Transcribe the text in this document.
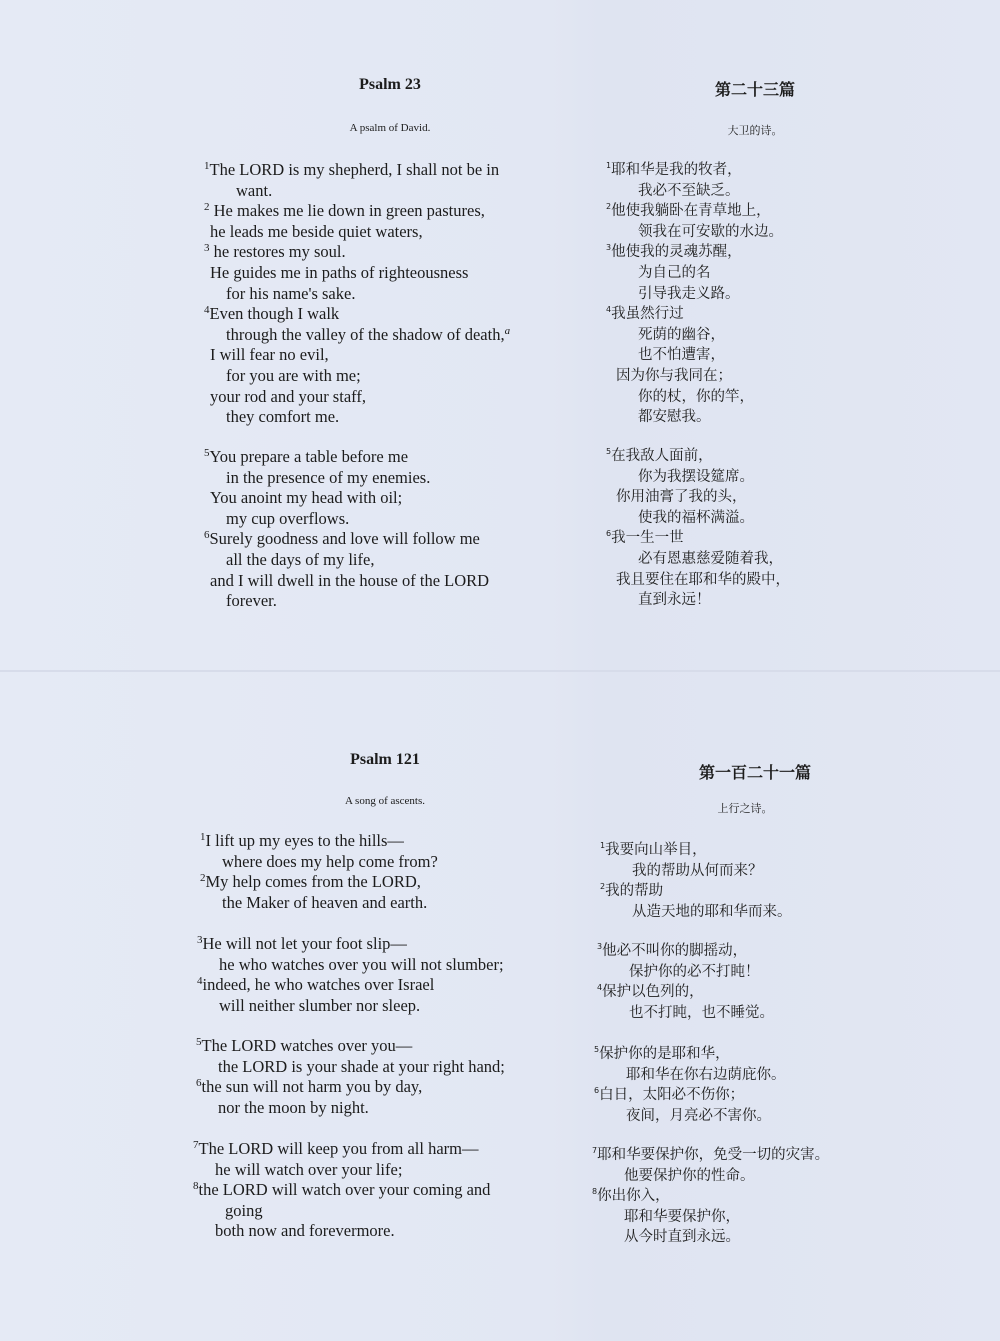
Psalm 23
A psalm of David.
$^1$The LORD is my shepherd, I shall not be in
want.
$^2$ He makes me lie down in green pastures,
he leads me beside quiet waters,
$^3$ he restores my soul.
He guides me in paths of righteousness
for his name's sake.
$^4$Even though I walk
through the valley of the shadow of death,$^a$
I will fear no evil,
for you are with me;
your rod and your staff,
they comfort me.
$^5$You prepare a table before me
in the presence of my enemies.
You anoint my head with oil;
my cup overflows.
$^6$Surely goodness and love will follow me
all the days of my life,
and I will dwell in the house of the LORD
forever.
第二十三篇
大卫的诗。
$^1$耶和华是我的牧者，
我必不至缺乏。
$^2$他使我躺卧在青草地上，
领我在可安歇的水边。
$^3$他使我的灵魂苏醒，
为自己的名
引导我走义路。
$^4$我虽然行过
死荫的幽谷，
也不怕遭害，
因为你与我同在；
你的杖，你的竿，
都安慰我。
$^5$在我敌人面前，
你为我摆设筵席。
你用油膏了我的头，
使我的福杯满溢。
$^6$我一生一世
必有恩惠慈爱随着我，
我且要住在耶和华的殿中，
直到永远！
Psalm 121
A song of ascents.
$^1$I lift up my eyes to the hills—
where does my help come from?
$^2$My help comes from the LORD,
the Maker of heaven and earth.
$^3$He will not let your foot slip—
he who watches over you will not slumber;
$^4$indeed, he who watches over Israel
will neither slumber nor sleep.
$^5$The LORD watches over you—
the LORD is your shade at your right hand;
$^6$the sun will not harm you by day,
nor the moon by night.
$^7$The LORD will keep you from all harm—
he will watch over your life;
$^8$the LORD will watch over your coming and
going
both now and forevermore.
第一百二十一篇
上行之诗。
$^1$我要向山举目，
我的帮助从何而来？
$^2$我的帮助
从造天地的耶和华而来。
$^3$他必不叫你的脚摇动，
保护你的必不打盹！
$^4$保护以色列的，
也不打盹，也不睡觉。
$^5$保护你的是耶和华，
耶和华在你右边荫庇你。
$^6$白日，太阳必不伤你；
夜间，月亮必不害你。
$^7$耶和华要保护你，免受一切的灾害。
他要保护你的性命。
$^8$你出你入，
耶和华要保护你，
从今时直到永远。
